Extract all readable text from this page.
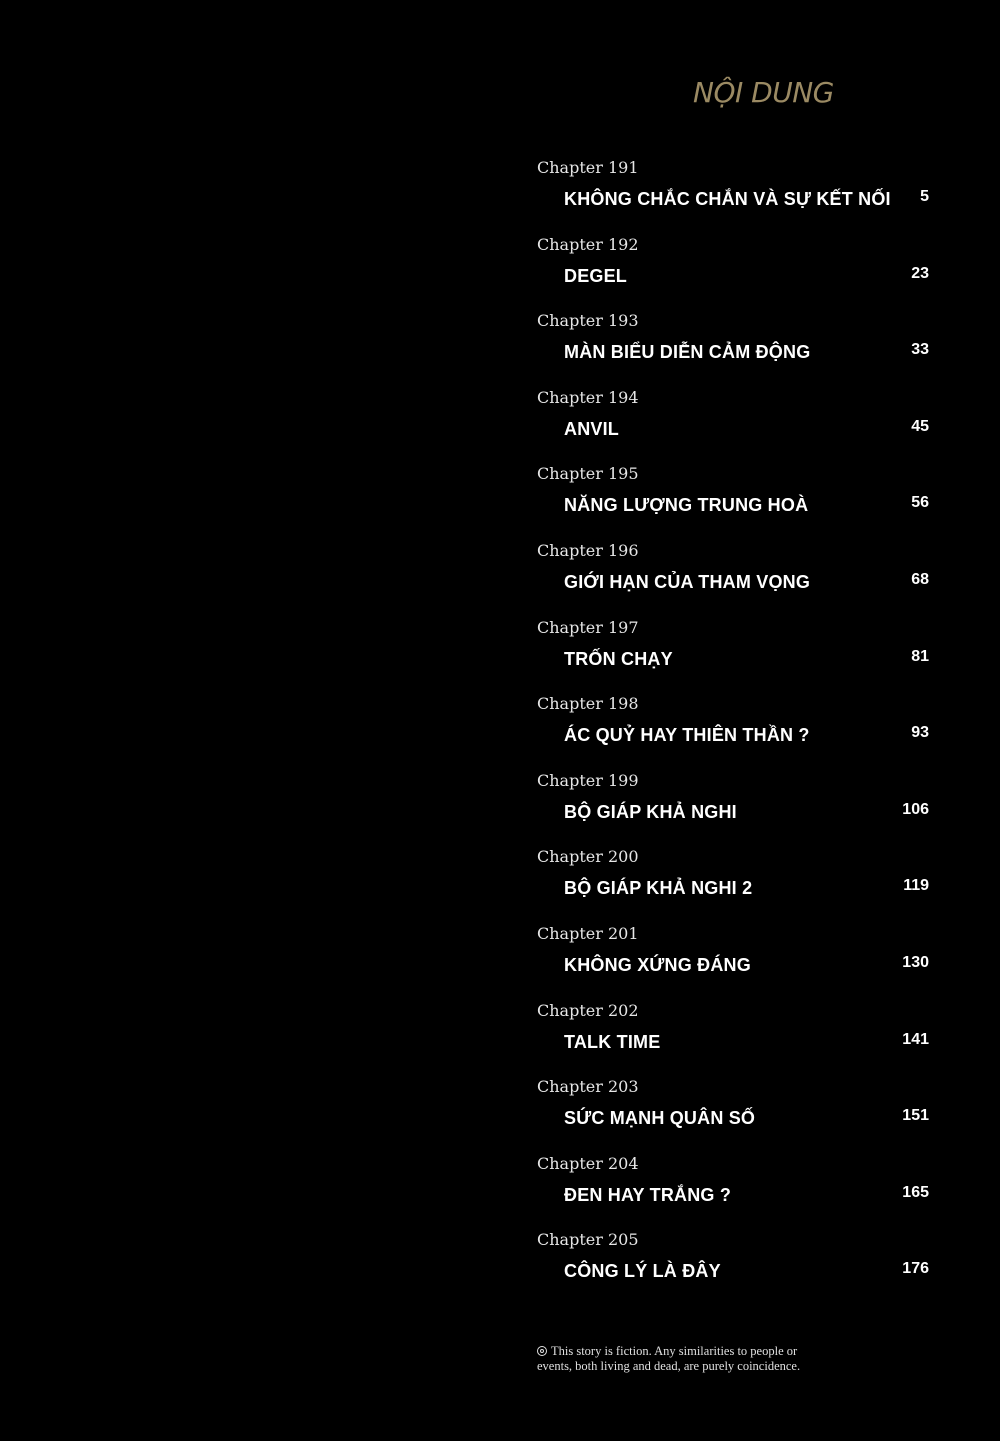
NỘI DUNG
Chapter 191
KHÔNG CHẮC CHẮN VÀ SỰ KẾT NỐI 5
Chapter 192
DEGEL	23
Chapter 193
MÀN BIỂU DIỄN CẢM ĐỘNG	33
Chapter 194
ANVIL	45
Chapter 195
NĂNG LƯỢNG TRUNG HOÀ	56
Chapter 196
GIỚI HẠN CỦA THAM VỌNG	68
Chapter 197
TRỐN CHẠY	81
Chapter 198
ÁC QUỶ HAY THIÊN THẦN ?	93
Chapter 199
BỘ GIÁP KHẢ NGHI	106
Chapter 200
BỘ GIÁP KHẢ NGHI 2	119
Chapter 201
KHÔNG XỨNG ĐÁNG	130
Chapter 202
TALK TIME	141
Chapter 203
SỨC MẠNH QUÂN SỐ	151
Chapter 204
ĐEN HAY TRẮNG ?	165
Chapter 205
CÔNG LÝ LÀ ĐÂY	176
This story is fiction. Any similarities to people or events, both living and dead, are purely coincidence.
